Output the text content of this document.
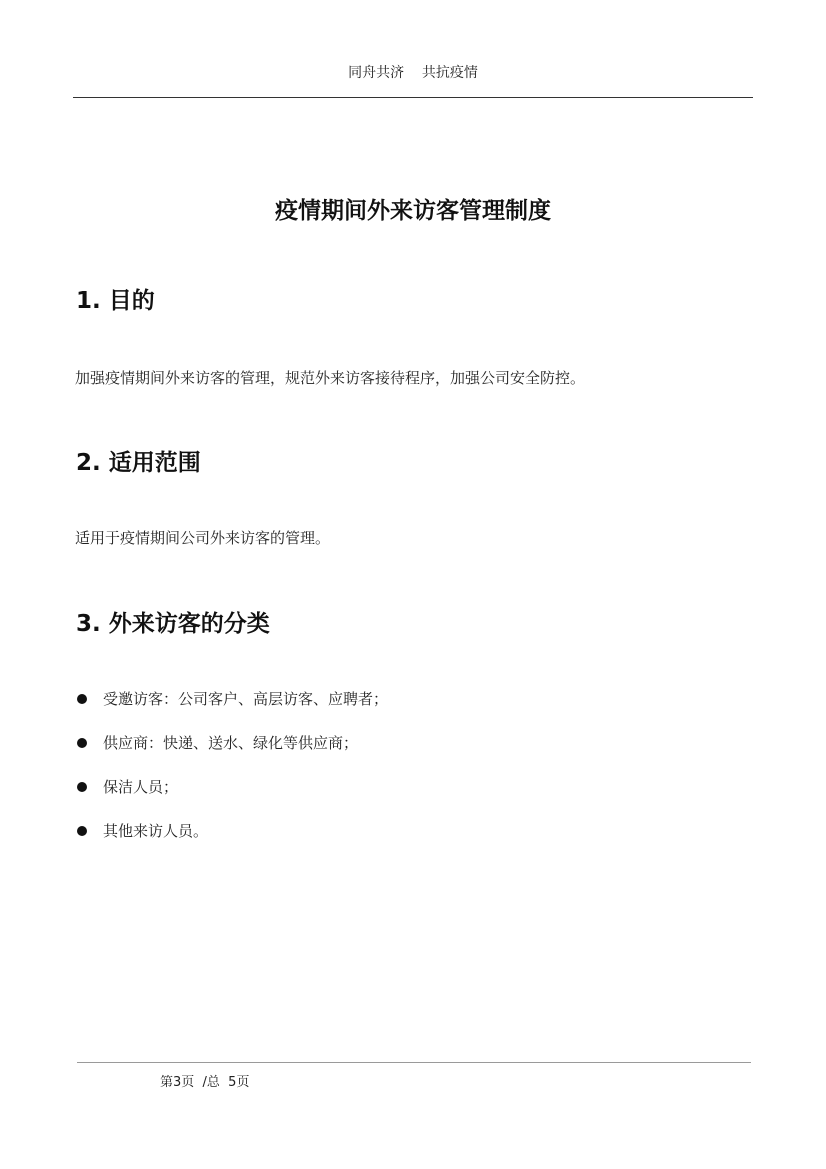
同舟共济    共抗疫情
疫情期间外来访客管理制度
1. 目的

加强疫情期间外来访客的管理，规范外来访客接待程序，加强公司安全防控。

2. 适用范围

适用于疫情期间公司外来访客的管理。

3. 外来访客的分类
受邀访客：公司客户、高层访客、应聘者；
供应商：快递、送水、绿化等供应商；
保洁人员；
其他来访人员。
第3页  /总  5页
